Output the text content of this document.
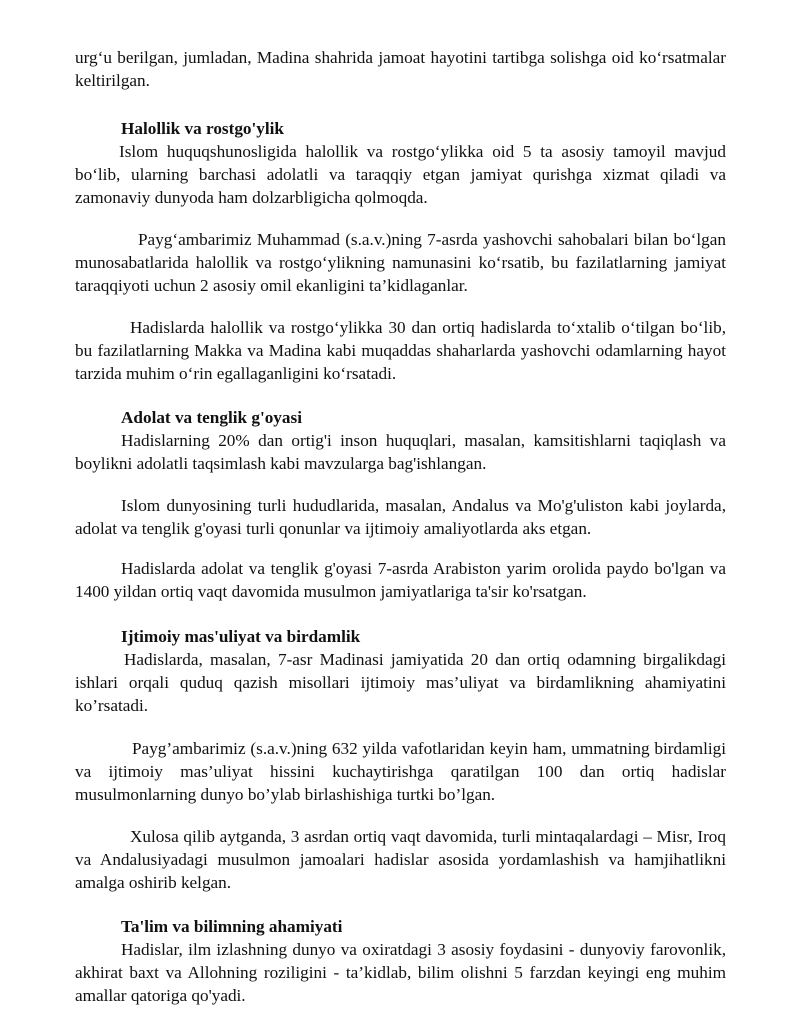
urg‘u berilgan, jumladan, Madina shahrida jamoat hayotini tartibga solishga oid ko‘rsatmalar keltirilgan.

Halollik va rostgo'ylik

Islom huquqshunosligida halollik va rostgo‘ylikka oid 5 ta asosiy tamoyil mavjud bo‘lib, ularning barchasi adolatli va taraqqiy etgan jamiyat qurishga xizmat qiladi va zamonaviy dunyoda ham dolzarbligicha qolmoqda.

Payg‘ambarimiz Muhammad (s.a.v.)ning 7-asrda yashovchi sahobalari bilan bo‘lgan munosabatlarida halollik va rostgo‘ylikning namunasini ko‘rsatib, bu fazilatlarning jamiyat taraqqiyoti uchun 2 asosiy omil ekanligini ta’kidlaganlar.

Hadislarda halollik va rostgo‘ylikka 30 dan ortiq hadislarda to‘xtalib o‘tilgan bo‘lib, bu fazilatlarning Makka va Madina kabi muqaddas shaharlarda yashovchi odamlarning hayot tarzida muhim o‘rin egallaganligini ko‘rsatadi.

Adolat va tenglik g'oyasi

Hadislarning 20% dan ortig'i inson huquqlari, masalan, kamsitishlarni taqiqlash va boylikni adolatli taqsimlash kabi mavzularga bag'ishlangan.

Islom dunyosining turli hududlarida, masalan, Andalus va Mo'g'uliston kabi joylarda, adolat va tenglik g'oyasi turli qonunlar va ijtimoiy amaliyotlarda aks etgan.

Hadislarda adolat va tenglik g'oyasi 7-asrda Arabiston yarim orolida paydo bo'lgan va 1400 yildan ortiq vaqt davomida musulmon jamiyatlariga ta'sir ko'rsatgan.

Ijtimoiy mas'uliyat va birdamlik

Hadislarda, masalan, 7-asr Madinasi jamiyatida 20 dan ortiq odamning birgalikdagi ishlari orqali quduq qazish misollari ijtimoiy mas’uliyat va birdamlikning ahamiyatini ko’rsatadi.

Payg’ambarimiz (s.a.v.)ning 632 yilda vafotlaridan keyin ham, ummatning birdamligi va ijtimoiy mas’uliyat hissini kuchaytirishga qaratilgan 100 dan ortiq hadislar musulmonlarning dunyo bo’ylab birlashishiga turtki bo’lgan.

Xulosa qilib aytganda, 3 asrdan ortiq vaqt davomida, turli mintaqalardagi – Misr, Iroq va Andalusiyadagi musulmon jamoalari hadislar asosida yordamlashish va hamjihatlikni amalga oshirib kelgan.

Ta'lim va bilimning ahamiyati

Hadislar, ilm izlashning dunyo va oxiratdagi 3 asosiy foydasini - dunyoviy farovonlik, akhirat baxt va Allohning roziligini - ta’kidlab, bilim olishni 5 farzdan keyingi eng muhim amallar qatoriga qo'yadi.
